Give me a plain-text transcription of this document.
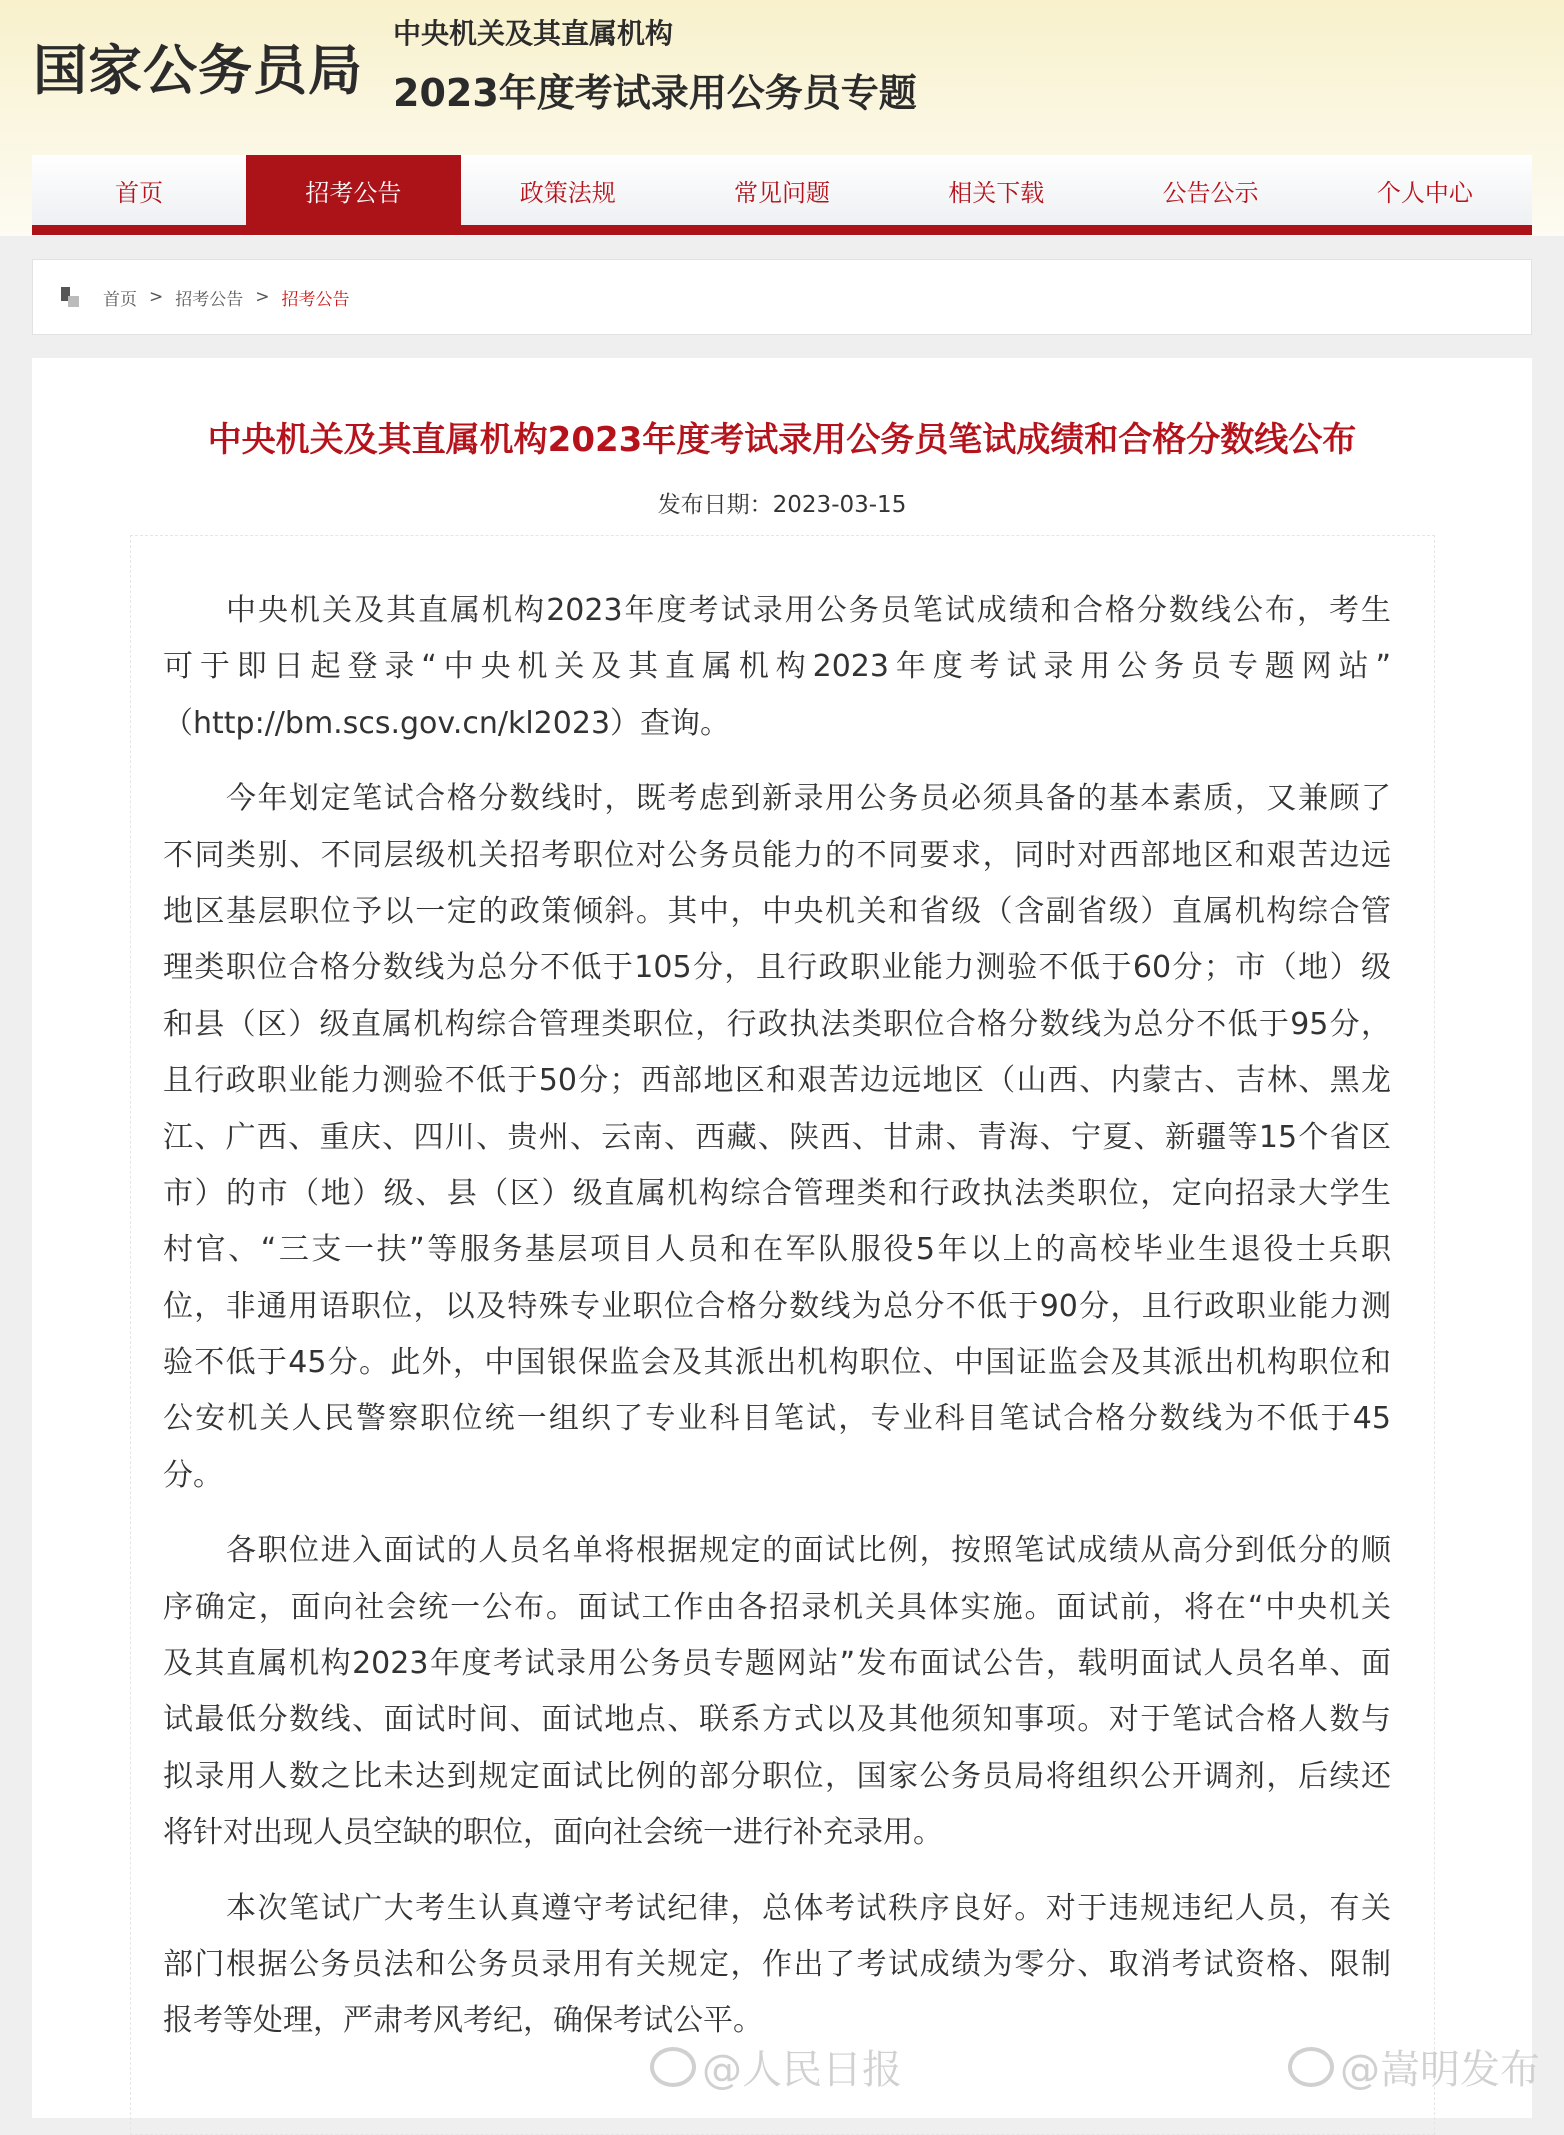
国家公务员局
中央机关及其直属机构
2023年度考试录用公务员专题
首页	招考公告	政策法规	常见问题	相关下载	公告公示	个人中心
首页 > 招考公告 > 招考公告
中央机关及其直属机构2023年度考试录用公务员笔试成绩和合格分数线公布
发布日期：2023-03-15
中央机关及其直属机构2023年度考试录用公务员笔试成绩和合格分数线公布，考生
可于即日起登录“中央机关及其直属机构2023年度考试录用公务员专题网站”
（http://bm.scs.gov.cn/kl2023）查询。
今年划定笔试合格分数线时，既考虑到新录用公务员必须具备的基本素质，又兼顾了
不同类别、不同层级机关招考职位对公务员能力的不同要求，同时对西部地区和艰苦边远
地区基层职位予以一定的政策倾斜。其中，中央机关和省级（含副省级）直属机构综合管
理类职位合格分数线为总分不低于105分，且行政职业能力测验不低于60分；市（地）级
和县（区）级直属机构综合管理类职位，行政执法类职位合格分数线为总分不低于95分，
且行政职业能力测验不低于50分；西部地区和艰苦边远地区（山西、内蒙古、吉林、黑龙
江、广西、重庆、四川、贵州、云南、西藏、陕西、甘肃、青海、宁夏、新疆等15个省区
市）的市（地）级、县（区）级直属机构综合管理类和行政执法类职位，定向招录大学生
村官、“三支一扶”等服务基层项目人员和在军队服役5年以上的高校毕业生退役士兵职
位，非通用语职位，以及特殊专业职位合格分数线为总分不低于90分，且行政职业能力测
验不低于45分。此外，中国银保监会及其派出机构职位、中国证监会及其派出机构职位和
公安机关人民警察职位统一组织了专业科目笔试，专业科目笔试合格分数线为不低于45
分。
各职位进入面试的人员名单将根据规定的面试比例，按照笔试成绩从高分到低分的顺
序确定，面向社会统一公布。面试工作由各招录机关具体实施。面试前，将在“中央机关
及其直属机构2023年度考试录用公务员专题网站”发布面试公告，载明面试人员名单、面
试最低分数线、面试时间、面试地点、联系方式以及其他须知事项。对于笔试合格人数与
拟录用人数之比未达到规定面试比例的部分职位，国家公务员局将组织公开调剂，后续还
将针对出现人员空缺的职位，面向社会统一进行补充录用。
本次笔试广大考生认真遵守考试纪律，总体考试秩序良好。对于违规违纪人员，有关
部门根据公务员法和公务员录用有关规定，作出了考试成绩为零分、取消考试资格、限制
报考等处理，严肃考风考纪，确保考试公平。
@人民日报	@嵩明发布
